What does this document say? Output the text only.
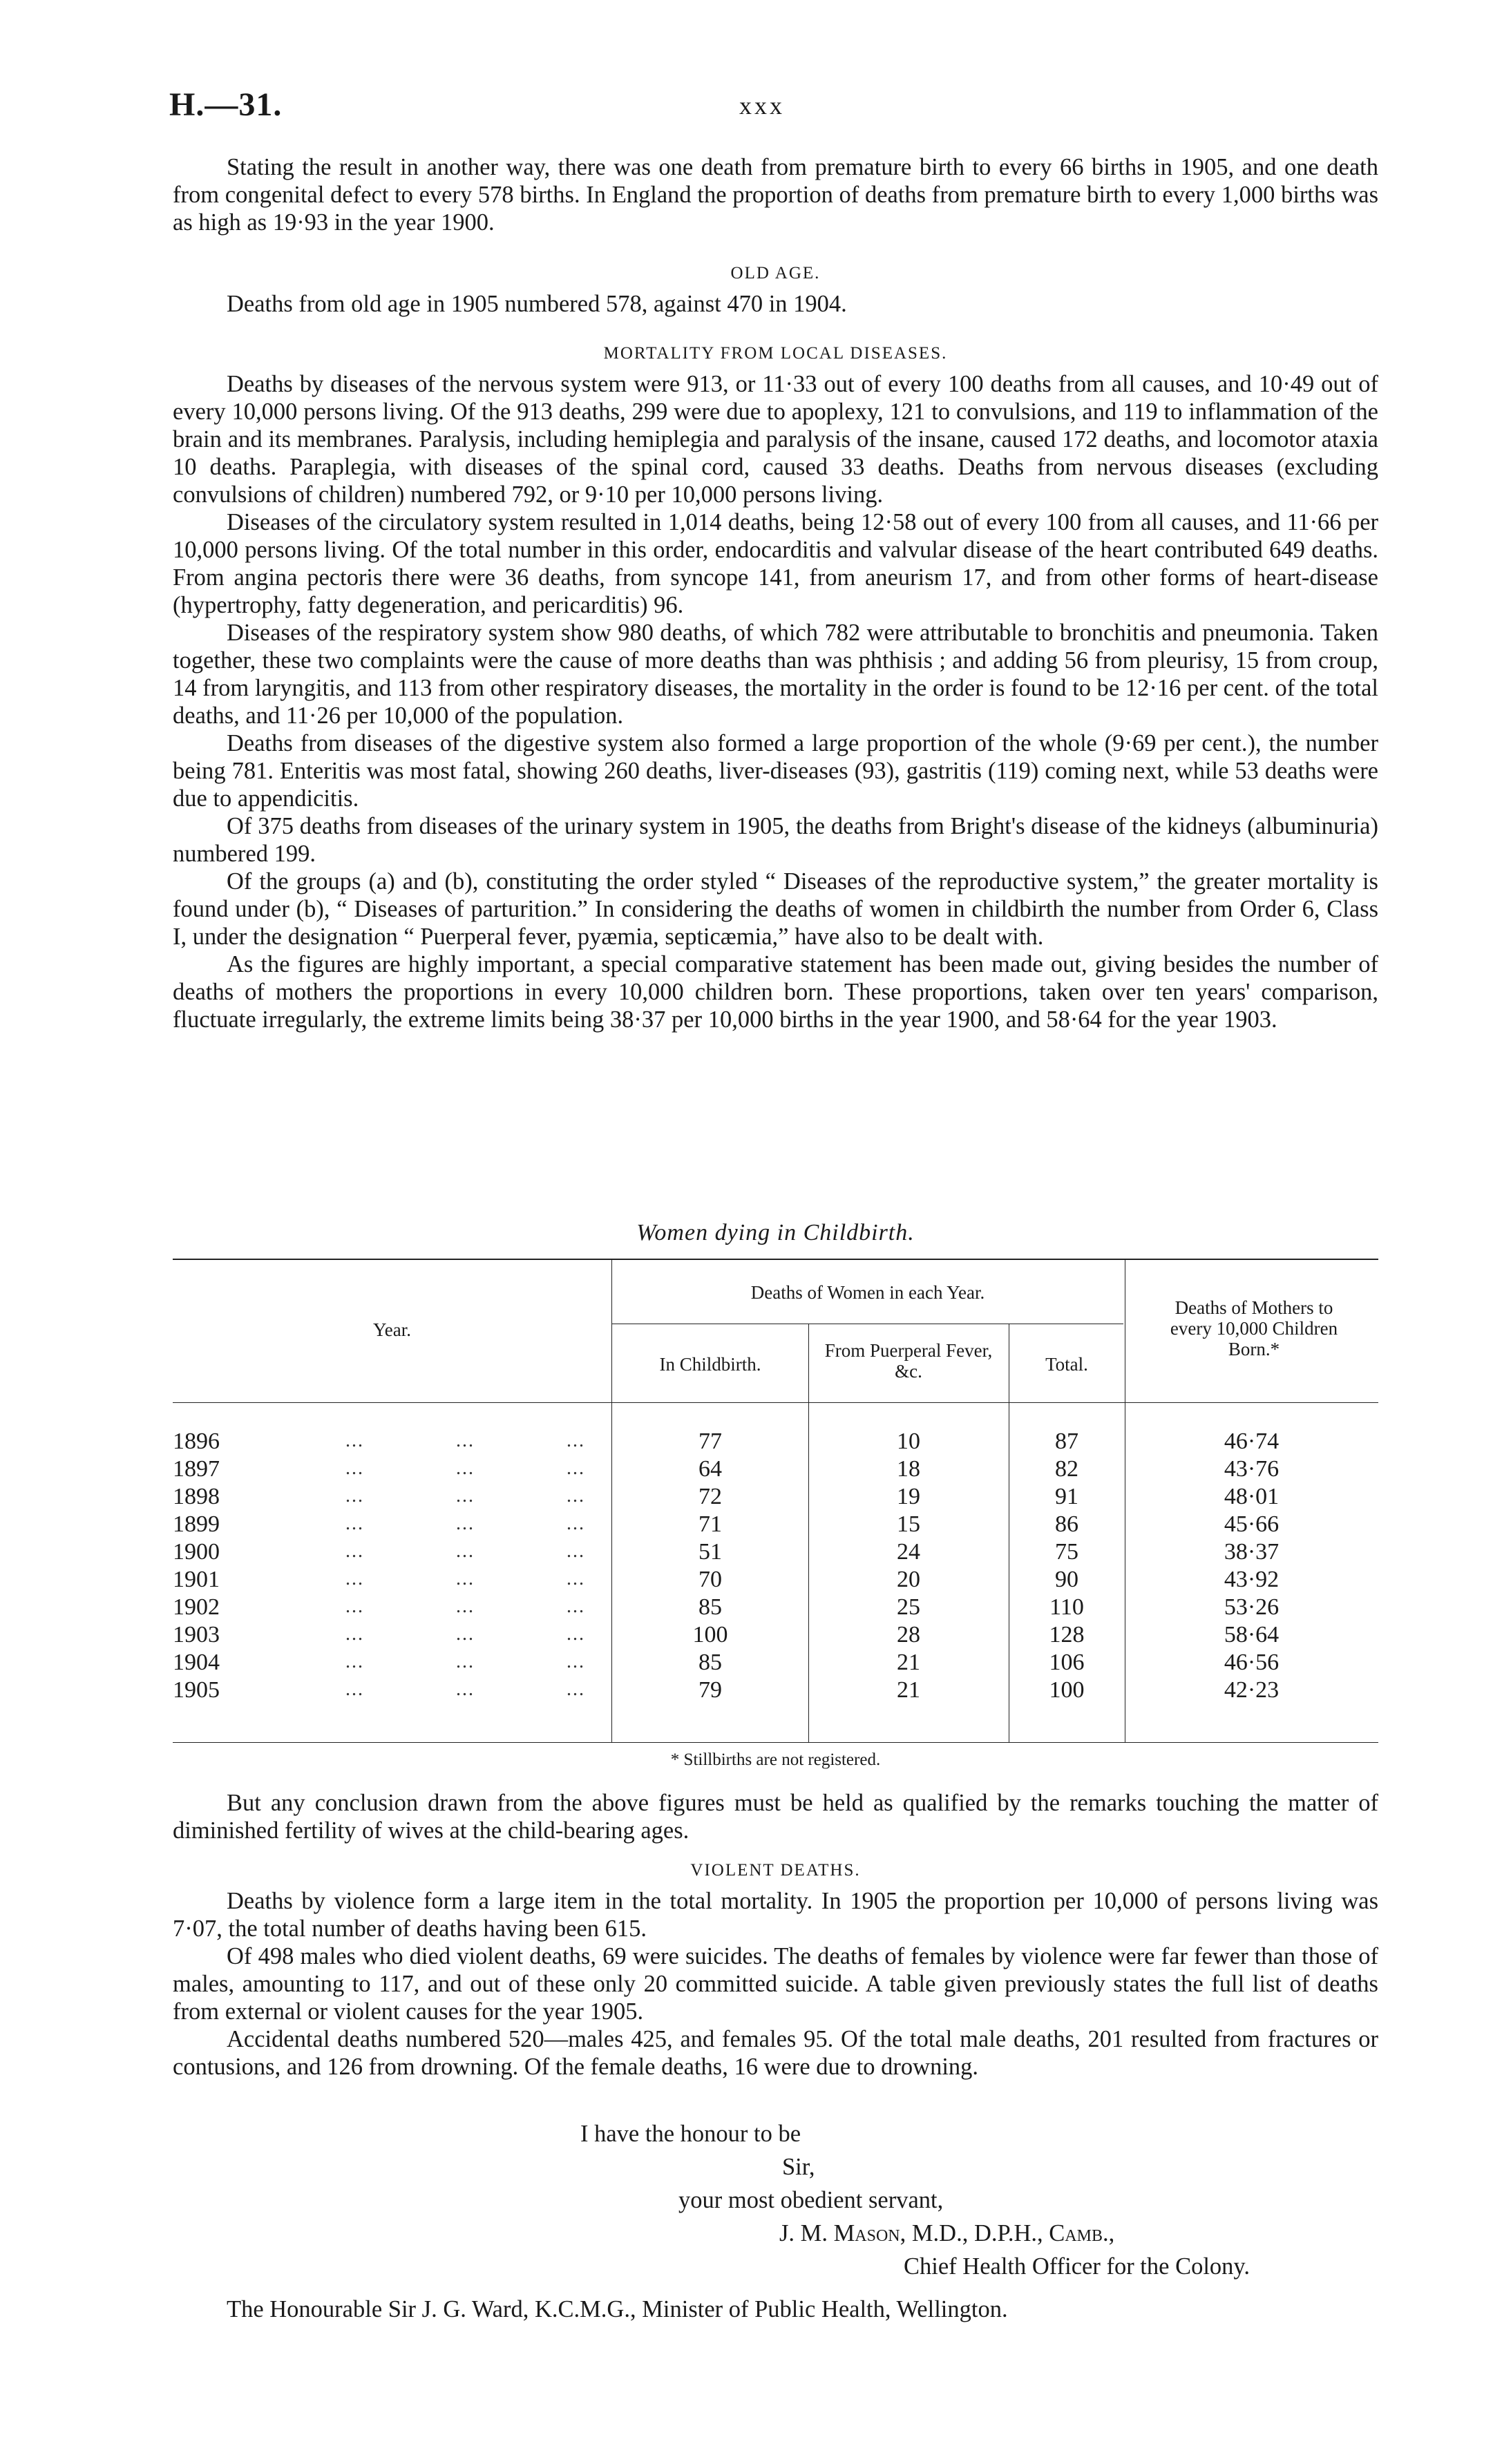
H.—31.	xxx

Stating the result in another way, there was one death from premature birth to every 66 births in 1905, and one death from congenital defect to every 578 births. In England the proportion of deaths from premature birth to every 1,000 births was as high as 19·93 in the year 1900.

OLD AGE.

Deaths from old age in 1905 numbered 578, against 470 in 1904.

MORTALITY FROM LOCAL DISEASES.

Deaths by diseases of the nervous system were 913, or 11·33 out of every 100 deaths from all causes, and 10·49 out of every 10,000 persons living. Of the 913 deaths, 299 were due to apoplexy, 121 to convulsions, and 119 to inflammation of the brain and its membranes. Paralysis, including hemiplegia and paralysis of the insane, caused 172 deaths, and locomotor ataxia 10 deaths. Paraplegia, with diseases of the spinal cord, caused 33 deaths. Deaths from nervous diseases (excluding convulsions of children) numbered 792, or 9·10 per 10,000 persons living.

Diseases of the circulatory system resulted in 1,014 deaths, being 12·58 out of every 100 from all causes, and 11·66 per 10,000 persons living. Of the total number in this order, endocarditis and valvular disease of the heart contributed 649 deaths. From angina pectoris there were 36 deaths, from syncope 141, from aneurism 17, and from other forms of heart-disease (hypertrophy, fatty degeneration, and pericarditis) 96.

Diseases of the respiratory system show 980 deaths, of which 782 were attributable to bronchitis and pneumonia. Taken together, these two complaints were the cause of more deaths than was phthisis ; and adding 56 from pleurisy, 15 from croup, 14 from laryngitis, and 113 from other respiratory diseases, the mortality in the order is found to be 12·16 per cent. of the total deaths, and 11·26 per 10,000 of the population.

Deaths from diseases of the digestive system also formed a large proportion of the whole (9·69 per cent.), the number being 781. Enteritis was most fatal, showing 260 deaths, liver-diseases (93), gastritis (119) coming next, while 53 deaths were due to appendicitis.

Of 375 deaths from diseases of the urinary system in 1905, the deaths from Bright's disease of the kidneys (albuminuria) numbered 199.

Of the groups (a) and (b), constituting the order styled “ Diseases of the reproductive system,” the greater mortality is found under (b), “ Diseases of parturition.” In considering the deaths of women in childbirth the number from Order 6, Class I, under the designation “ Puerperal fever, pyæmia, septicæmia,” have also to be dealt with.

As the figures are highly important, a special comparative statement has been made out, giving besides the number of deaths of mothers the proportions in every 10,000 children born. These proportions, taken over ten years' comparison, fluctuate irregularly, the extreme limits being 38·37 per 10,000 births in the year 1900, and 58·64 for the year 1903.

Women dying in Childbirth.
Year.
Deaths of Women in each Year.
In Childbirth.
From Puerperal Fever, &c.	Total.
Deaths of Mothers to every 10,000 Children Born.*
1896	...	...	...	77	10	87	46·74
1897	...	...	...	64	18	82	43·76
1898	...	...	...	72	19	91	48·01
1899	...	...	...	71	15	86	45·66
1900	...	...	...	51	24	75	38·37
1901	...	...	...	70	20	90	43·92
1902	...	...	...	85	25	110	53·26
1903	...	...	...	100	28	128	58·64
1904	...	...	...	85	21	106	46·56
1905	...	...	...	79	21	100	42·23
* Stillbirths are not registered.

But any conclusion drawn from the above figures must be held as qualified by the remarks touching the matter of diminished fertility of wives at the child-bearing ages.

VIOLENT DEATHS.

Deaths by violence form a large item in the total mortality. In 1905 the proportion per 10,000 of persons living was 7·07, the total number of deaths having been 615.

Of 498 males who died violent deaths, 69 were suicides. The deaths of females by violence were far fewer than those of males, amounting to 117, and out of these only 20 committed suicide. A table given previously states the full list of deaths from external or violent causes for the year 1905.

Accidental deaths numbered 520—males 425, and females 95. Of the total male deaths, 201 resulted from fractures or contusions, and 126 from drowning. Of the female deaths, 16 were due to drowning.

I have the honour to be
Sir,
your most obedient servant,
J. M. Mason, M.D., D.P.H., Camb.,
Chief Health Officer for the Colony.
The Honourable Sir J. G. Ward, K.C.M.G., Minister of Public Health, Wellington.
